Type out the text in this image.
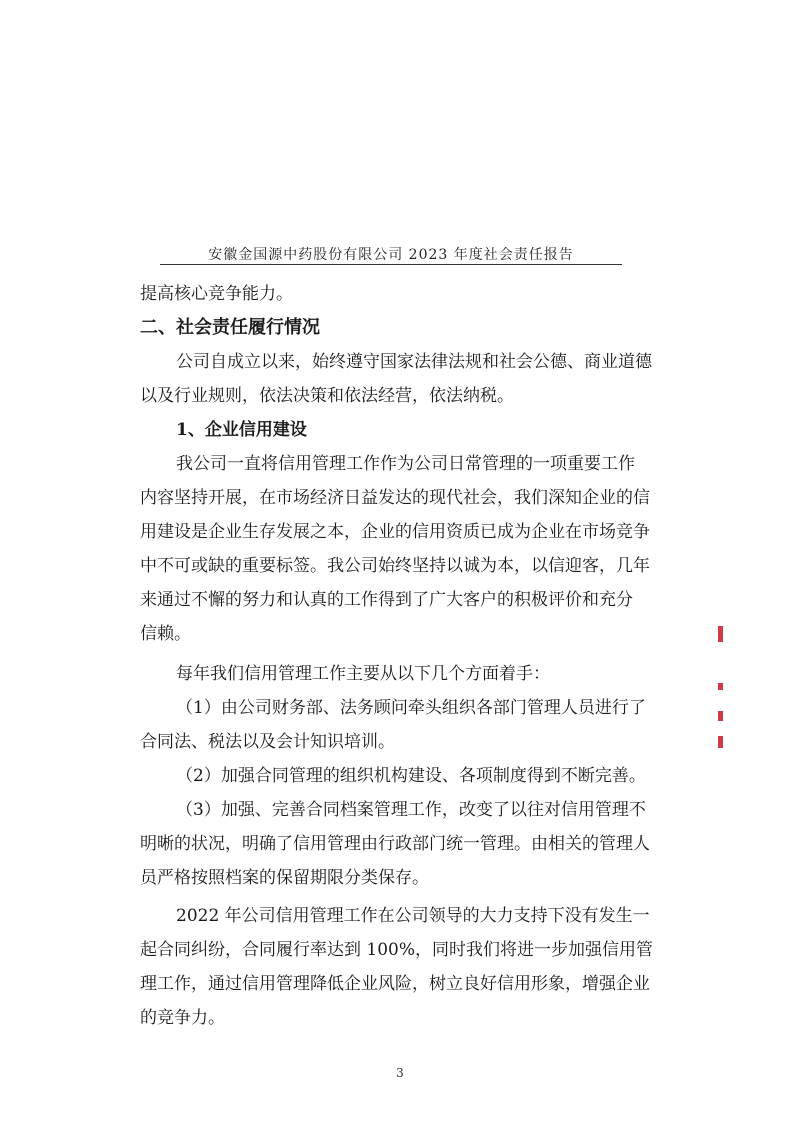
安徽金国源中药股份有限公司 2023 年度社会责任报告
提高核心竞争能力。
二、社会责任履行情况
公司自成立以来，始终遵守国家法律法规和社会公德、商业道德
以及行业规则，依法决策和依法经营，依法纳税。
1、企业信用建设
我公司一直将信用管理工作作为公司日常管理的一项重要工作
内容坚持开展，在市场经济日益发达的现代社会，我们深知企业的信
用建设是企业生存发展之本，企业的信用资质已成为企业在市场竞争
中不可或缺的重要标签。我公司始终坚持以诚为本，以信迎客，几年
来通过不懈的努力和认真的工作得到了广大客户的积极评价和充分
信赖。
每年我们信用管理工作主要从以下几个方面着手：
（1）由公司财务部、法务顾问牵头组织各部门管理人员进行了
合同法、税法以及会计知识培训。
（2）加强合同管理的组织机构建设、各项制度得到不断完善。
（3）加强、完善合同档案管理工作，改变了以往对信用管理不
明晰的状况，明确了信用管理由行政部门统一管理。由相关的管理人
员严格按照档案的保留期限分类保存。
2022 年公司信用管理工作在公司领导的大力支持下没有发生一
起合同纠纷，合同履行率达到 100%，同时我们将进一步加强信用管
理工作，通过信用管理降低企业风险，树立良好信用形象，增强企业
的竞争力。
3
